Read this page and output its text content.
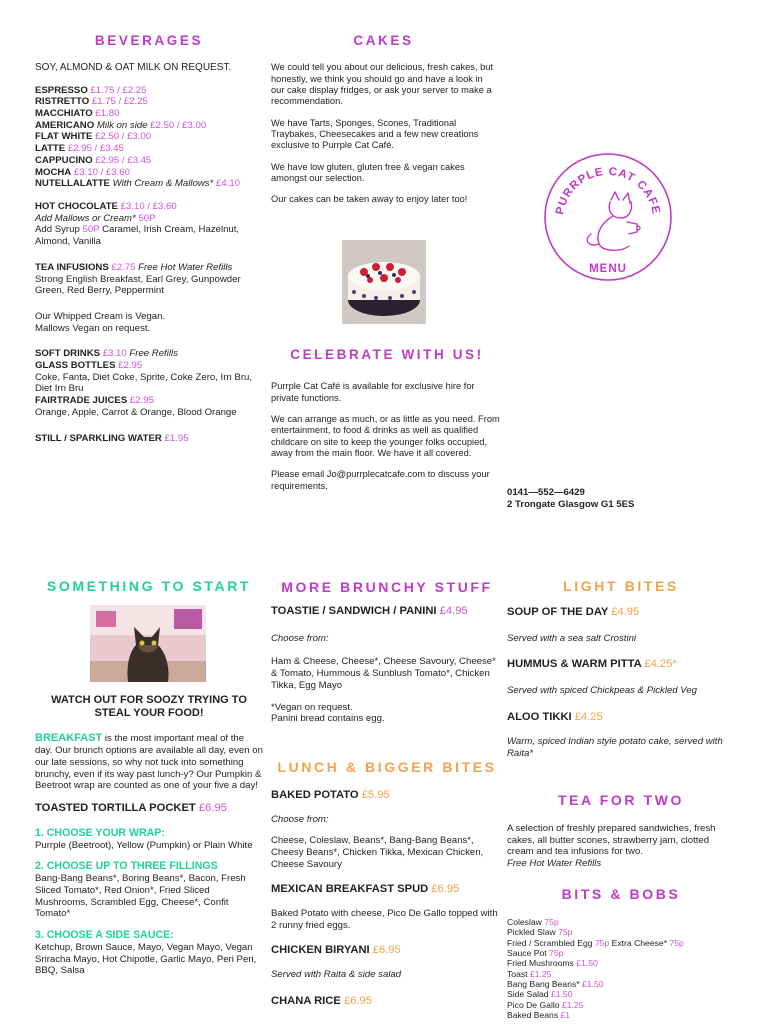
BEVERAGES
SOY, ALMOND & OAT MILK ON REQUEST.
ESPRESSO £1.75 / £2.25
RISTRETTO £1.75 / £2.25
MACCHIATO £1.80
AMERICANO Milk on side £2.50 / £3.00
FLAT WHITE £2.50 / £3.00
LATTE £2.95 / £3.45
CAPPUCINO £2.95 / £3.45
MOCHA £3.10 / £3.60
NUTELLALATTE With Cream & Mallows* £4.10
HOT CHOCOLATE £3.10 / £3.60
Add Mallows or Cream* 50P
Add Syrup 50P Caramel, Irish Cream, Hazelnut, Almond, Vanilla
TEA INFUSIONS £2.75 Free Hot Water Refills
Strong English Breakfast, Earl Grey, Gunpowder Green, Red Berry, Peppermint
Our Whipped Cream is Vegan.
Mallows Vegan on request.
SOFT DRINKS £3.10 Free Refills
GLASS BOTTLES £2.95
Coke, Fanta, Diet Coke, Sprite, Coke Zero, Irn Bru, Diet Irn Bru
FAIRTRADE JUICES £2.95
Orange, Apple, Carrot & Orange, Blood Orange
STILL / SPARKLING WATER £1.95
CAKES

We could tell you about our delicious, fresh cakes, but honestly, we think you should go and have a look in our cake display fridges, or ask your server to make a recommendation.

We have Tarts, Sponges, Scones, Traditional Traybakes, Cheesecakes and a few new creations exclusive to Purrple Cat Café.

We have low gluten, gluten free & vegan cakes amongst our selection.

Our cakes can be taken away to enjoy later too!

CELEBRATE WITH US!

Purrple Cat Café is available for exclusive hire for private functions.

We can arrange as much, or as little as you need. From entertainment, to food & drinks as well as qualified childcare on site to keep the younger folks occupied, away from the main floor. We have it all covered.

Please email Jo@purrplecatcafe.com to discuss your requirements.

PURRPLE CAT CAFE
MENU
0141—552—6429
2 Trongate Glasgow G1 5ES
SOMETHING TO START
WATCH OUT FOR SOOZY TRYING TO STEAL YOUR FOOD!

BREAKFAST is the most important meal of the day. Our brunch options are available all day, even on our late sessions, so why not tuck into something brunchy, even if its way past lunch-y? Our Pumpkin & Beetroot wrap are counted as one of your five a day!

TOASTED TORTILLA POCKET £6.95
1. CHOOSE YOUR WRAP:
Purrple (Beetroot), Yellow (Pumpkin) or Plain White
2. CHOOSE UP TO THREE FILLINGS
Bang-Bang Beans*, Boring Beans*, Bacon, Fresh Sliced Tomato*, Red Onion*, Fried Sliced Mushrooms, Scrambled Egg, Cheese*, Confit Tomato*
3. CHOOSE A SIDE SAUCE:
Ketchup, Brown Sauce, Mayo, Vegan Mayo, Vegan Sriracha Mayo, Hot Chipotle, Garlic Mayo, Peri Peri, BBQ, Salsa
MORE BRUNCHY STUFF
TOASTIE / SANDWICH / PANINI £4.95
Choose from:
Ham & Cheese, Cheese*, Cheese Savoury, Cheese* & Tomato, Hummous & Sunblush Tomato*, Chicken Tikka, Egg Mayo
*Vegan on request.
Panini bread contains egg.
LUNCH & BIGGER BITES
BAKED POTATO £5.95
Choose from:
Cheese, Coleslaw, Beans*, Bang-Bang Beans*, Cheesy Beans*, Chicken Tikka, Mexican Chicken, Cheese Savoury
MEXICAN BREAKFAST SPUD £6.95
Baked Potato with cheese, Pico De Gallo topped with 2 runny fried eggs.
CHICKEN BIRYANI £6.95
Served with Raita & side salad
CHANA RICE £6.95
LIGHT BITES
SOUP OF THE DAY £4.95
Served with a sea salt Crostini
HUMMUS & WARM PITTA £4.25*
Served with spiced Chickpeas & Pickled Veg
ALOO TIKKI £4.25
Warm, spiced Indian style potato cake, served with Raita*
TEA FOR TWO

A selection of freshly prepared sandwiches, fresh cakes, all butter scones, strawberry jam, clotted cream and tea infusions for two.

Free Hot Water Refills

BITS & BOBS
Coleslaw 75p
Pickled Slaw 75p
Fried / Scrambled Egg 75p Extra Cheese* 75p
Sauce Pot 75p
Fried Mushrooms £1.50
Toast £1.25
Bang Bang Beans* £1.50
Side Salad £1.50
Pico De Gallo £1.25
Baked Beans £1
